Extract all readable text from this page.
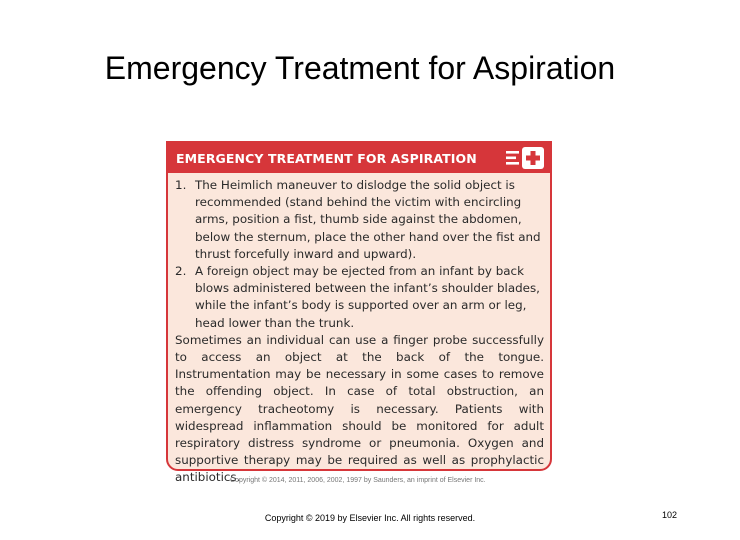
Emergency Treatment for Aspiration
EMERGENCY TREATMENT FOR ASPIRATION
1. The Heimlich maneuver to dislodge the solid object is recommended (stand behind the victim with encircling arms, position a fist, thumb side against the abdomen, below the sternum, place the other hand over the fist and thrust forcefully inward and upward).
2. A foreign object may be ejected from an infant by back blows administered between the infant’s shoulder blades, while the infant’s body is supported over an arm or leg, head lower than the trunk.
Sometimes an individual can use a finger probe successfully to access an object at the back of the tongue. Instrumentation may be necessary in some cases to remove the offending object. In case of total obstruction, an emergency tracheotomy is necessary. Patients with widespread inflammation should be monitored for adult respiratory distress syndrome or pneumonia. Oxygen and supportive therapy may be required as well as prophylactic antibiotics.
Copyright © 2014, 2011, 2006, 2002, 1997 by Saunders, an imprint of Elsevier Inc.
Copyright © 2019 by Elsevier Inc. All rights reserved.	102
